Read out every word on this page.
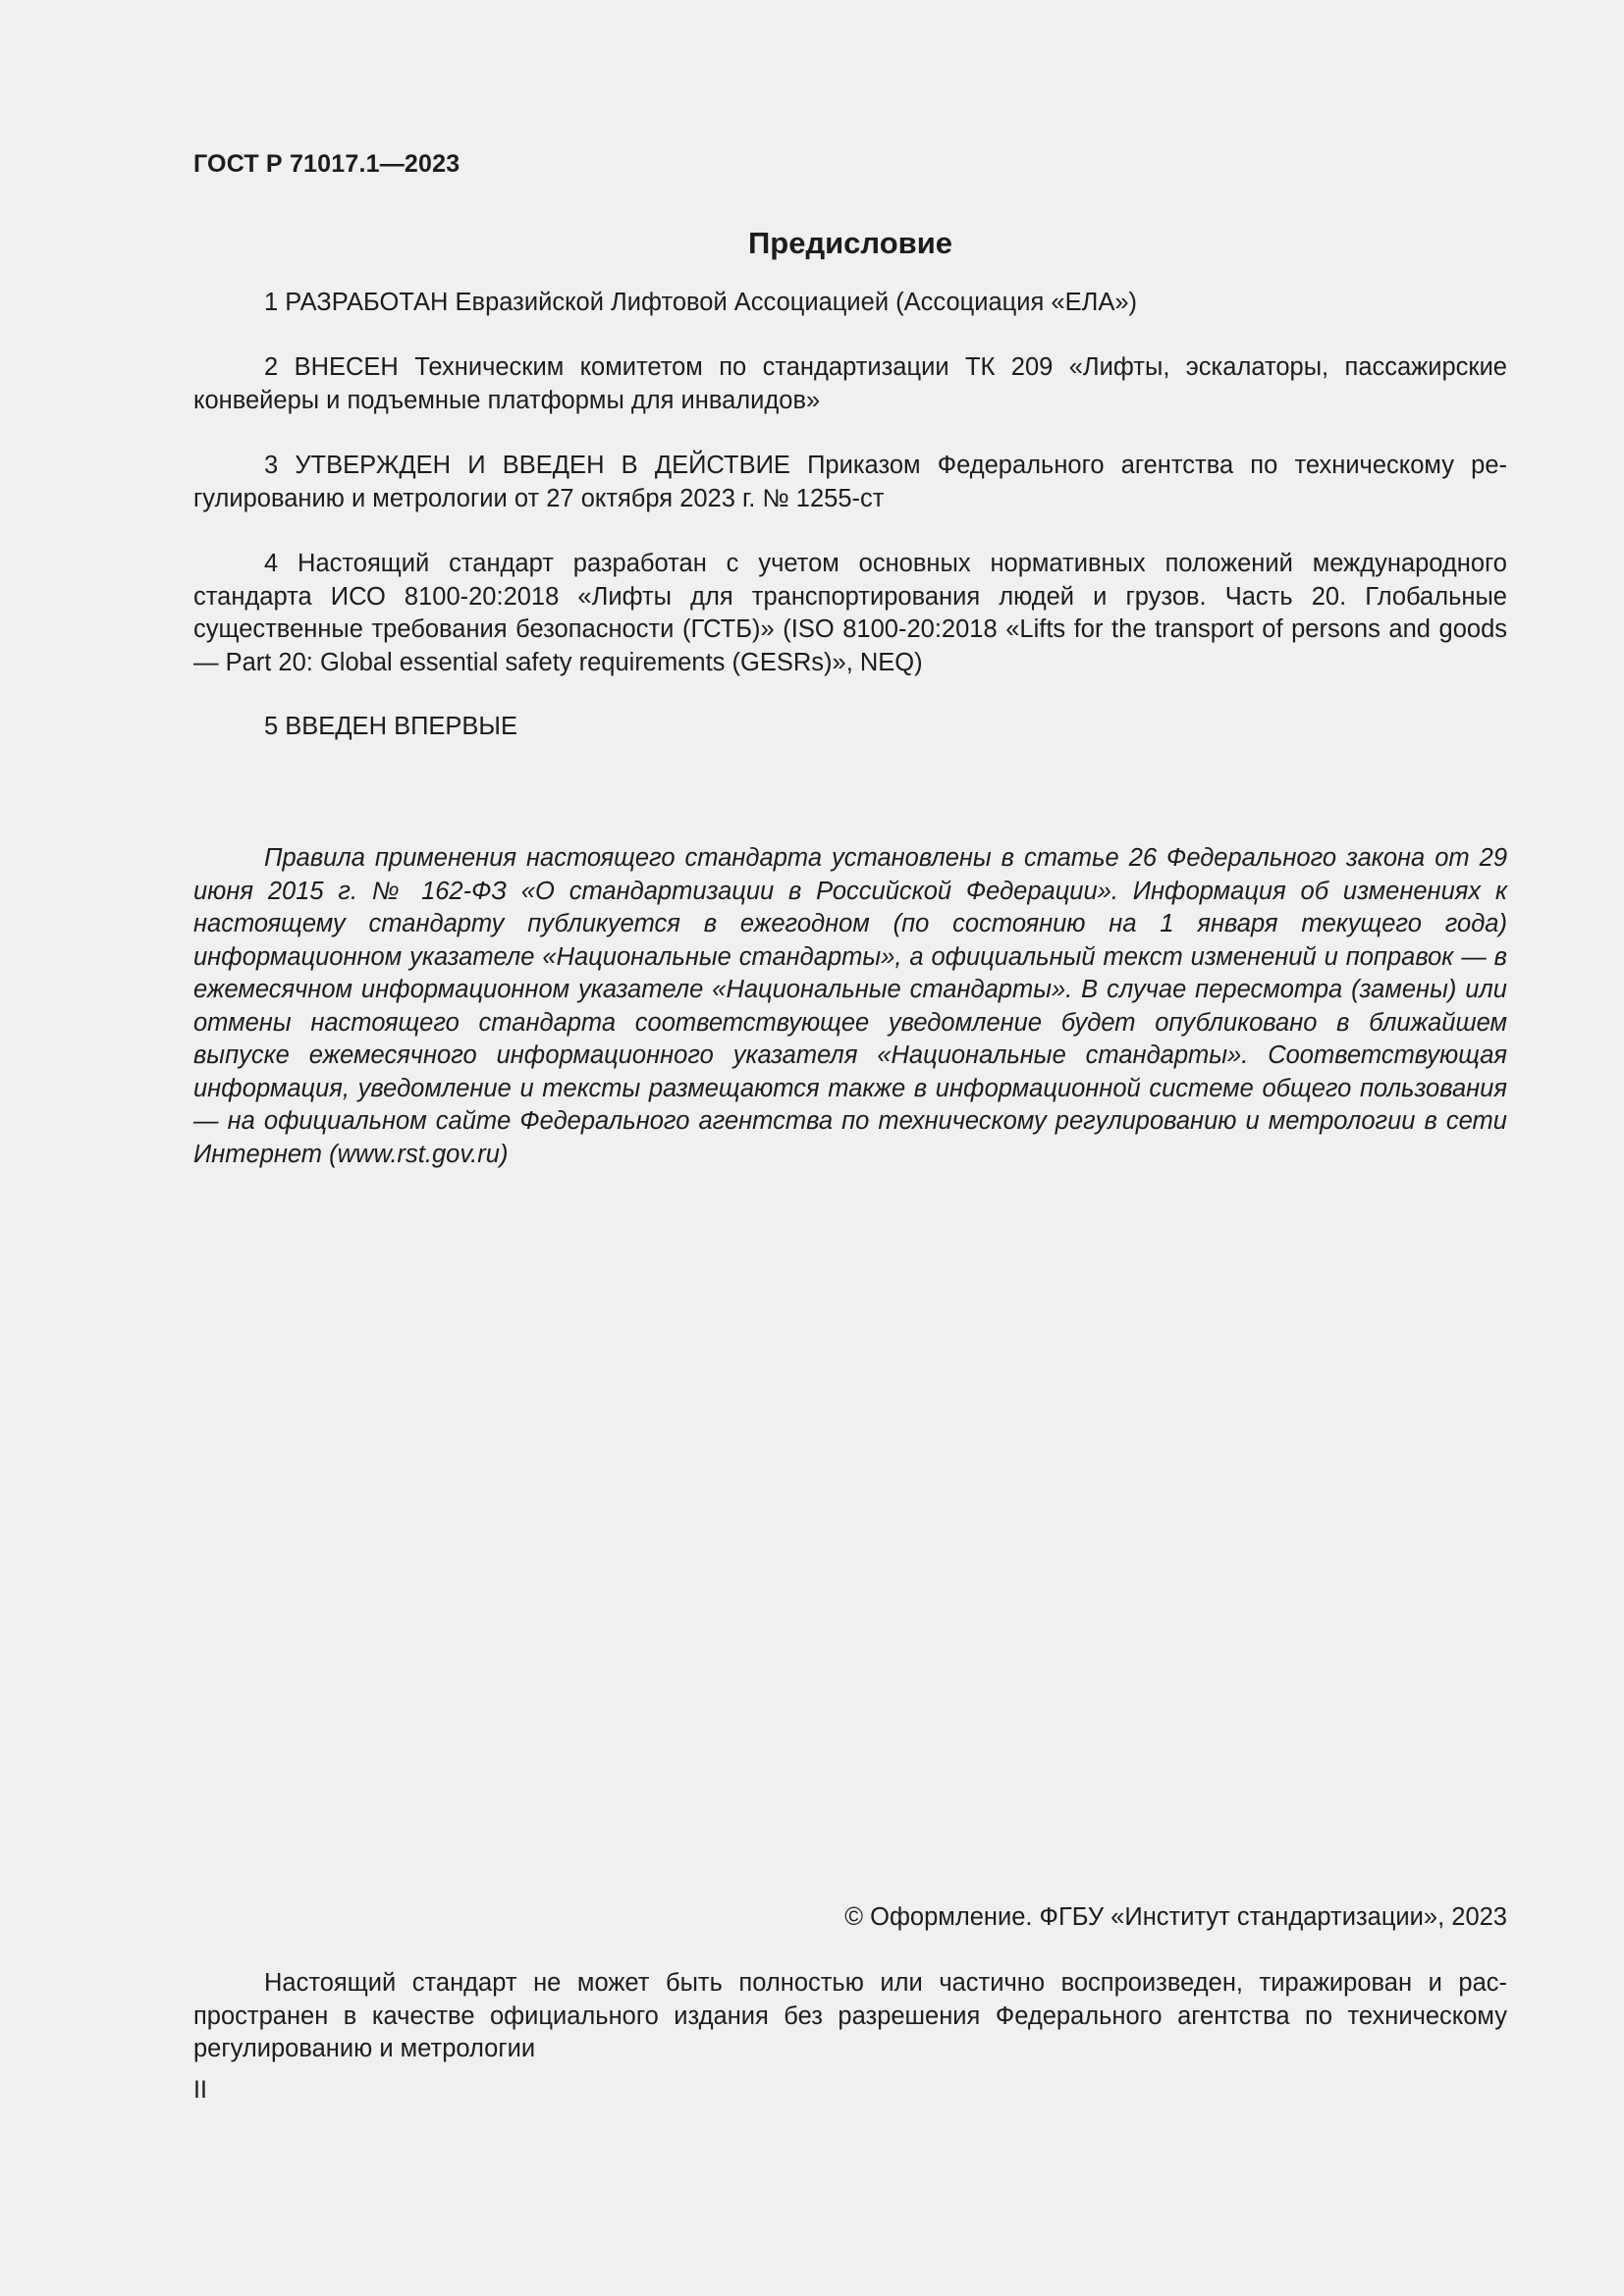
ГОСТ Р 71017.1—2023
Предисловие

1 РАЗРАБОТАН Евразийской Лифтовой Ассоциацией (Ассоциация «ЕЛА»)

2 ВНЕСЕН Техническим комитетом по стандартизации ТК 209 «Лифты, эскалаторы, пассажирские конвейеры и подъемные платформы для инвалидов»

3 УТВЕРЖДЕН И ВВЕДЕН В ДЕЙСТВИЕ Приказом Федерального агентства по техническому регулированию и метрологии от 27 октября 2023 г. № 1255-ст

4 Настоящий стандарт разработан с учетом основных нормативных положений международного стандарта ИСО 8100-20:2018 «Лифты для транспортирования людей и грузов. Часть 20. Глобальные существенные требования безопасности (ГСТБ)» (ISO 8100-20:2018 «Lifts for the transport of persons and goods — Part 20: Global essential safety requirements (GESRs)», NEQ)

5 ВВЕДЕН ВПЕРВЫЕ

Правила применения настоящего стандарта установлены в статье 26 Федерального закона от 29 июня 2015 г. № 162-ФЗ «О стандартизации в Российской Федерации». Информация об изменениях к настоящему стандарту публикуется в ежегодном (по состоянию на 1 января текущего года) информационном указателе «Национальные стандарты», а официальный текст изменений и поправок — в ежемесячном информационном указателе «Национальные стандарты». В случае пересмотра (замены) или отмены настоящего стандарта соответствующее уведомление будет опубликовано в ближайшем выпуске ежемесячного информационного указателя «Национальные стандарты». Соответствующая информация, уведомление и тексты размещаются также в информационной системе общего пользования — на официальном сайте Федерального агентства по техническому регулированию и метрологии в сети Интернет (www.rst.gov.ru)

© Оформление. ФГБУ «Институт стандартизации», 2023

Настоящий стандарт не может быть полностью или частично воспроизведен, тиражирован и распространен в качестве официального издания без разрешения Федерального агентства по техническому регулированию и метрологии

II
